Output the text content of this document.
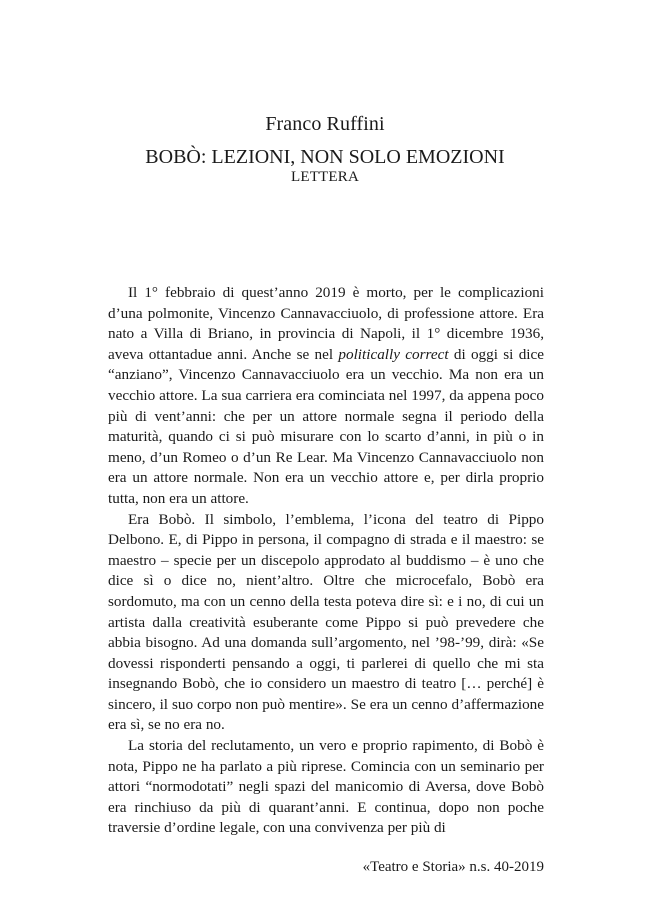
Franco Ruffini
BOBÒ: LEZIONI, NON SOLO EMOZIONI
LETTERA

Il 1° febbraio di quest’anno 2019 è morto, per le complicazioni d’una polmonite, Vincenzo Cannavacciuolo, di professione attore. Era nato a Villa di Briano, in provincia di Napoli, il 1° dicembre 1936, aveva ottantadue anni. Anche se nel politically correct di oggi si dice “anziano”, Vincenzo Cannavacciuolo era un vecchio. Ma non era un vecchio attore. La sua carriera era cominciata nel 1997, da appena poco più di vent’anni: che per un attore normale segna il periodo della maturità, quando ci si può misurare con lo scarto d’anni, in più o in meno, d’un Romeo o d’un Re Lear. Ma Vincenzo Cannavacciuolo non era un attore normale. Non era un vecchio attore e, per dirla proprio tutta, non era un attore.

Era Bobò. Il simbolo, l’emblema, l’icona del teatro di Pippo Delbono. E, di Pippo in persona, il compagno di strada e il maestro: se maestro – specie per un discepolo approdato al buddismo – è uno che dice sì o dice no, nient’altro. Oltre che microcefalo, Bobò era sordomuto, ma con un cenno della testa poteva dire sì: e i no, di cui un artista dalla creatività esuberante come Pippo si può prevedere che abbia bisogno. Ad una domanda sull’argomento, nel ’98-’99, dirà: «Se dovessi risponderti pensando a oggi, ti parlerei di quello che mi sta insegnando Bobò, che io considero un maestro di teatro [… perché] è sincero, il suo corpo non può mentire». Se era un cenno d’affermazione era sì, se no era no.

La storia del reclutamento, un vero e proprio rapimento, di Bobò è nota, Pippo ne ha parlato a più riprese. Comincia con un seminario per attori “normodotati” negli spazi del manicomio di Aversa, dove Bobò era rinchiuso da più di quarant’anni. E continua, dopo non poche traversie d’ordine legale, con una convivenza per più di

«Teatro e Storia» n.s. 40-2019
